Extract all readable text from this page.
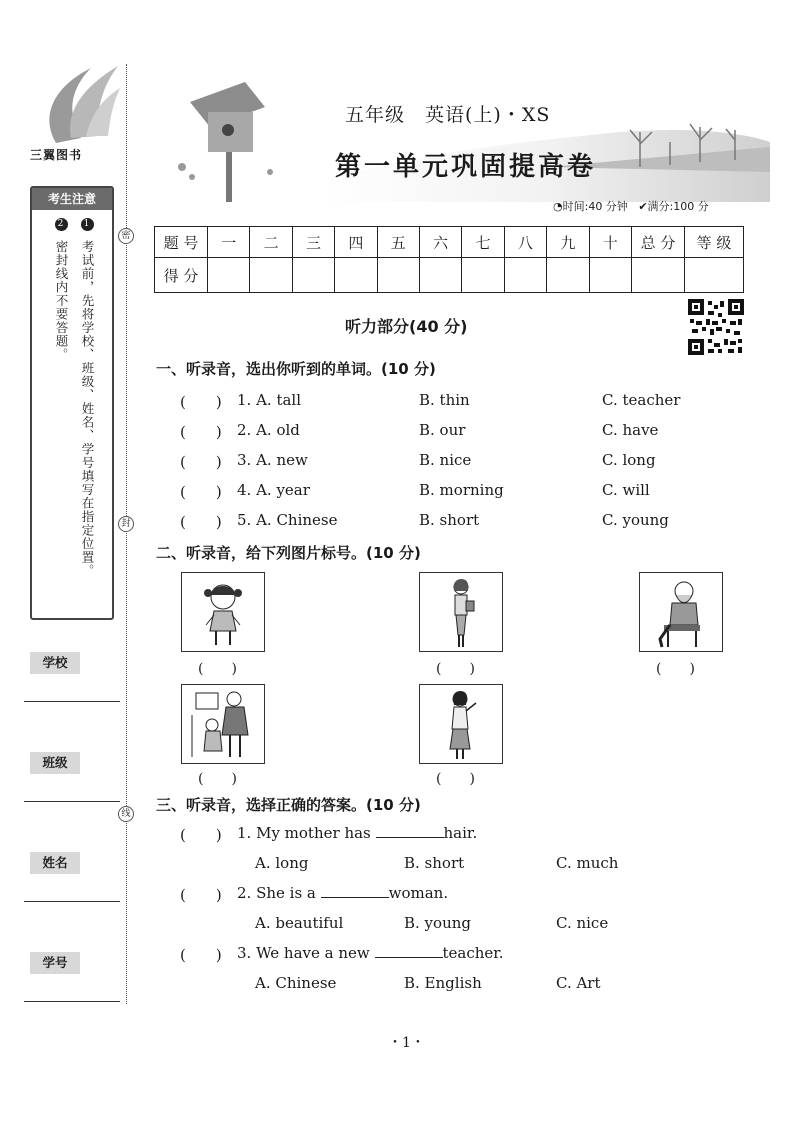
三翼图书
考生注意
1 考试前，先将学校、班级、姓名、学号填写在指定位置。
2 密封线内不要答题。
学校
班级
姓名
学号
密
封
线
五年级　英语(上)・XS
第一单元巩固提高卷
◔时间:40 分钟 ✔满分:100 分
题 号	一	二	三	四	五	六	七	八	九	十	总 分	等 级
得 分												
听力部分(40 分)
一、听录音，选出你听到的单词。(10 分)
(　　) 1. A. tall	B. thin	C. teacher
(　　) 2. A. old	B. our	C. have
(　　) 3. A. new	B. nice	C. long
(　　) 4. A. year	B. morning	C. will
(　　) 5. A. Chinese	B. short	C. young
二、听录音，给下列图片标号。(10 分)
(　　)	(　　)	(　　)
(　　)	(　　)
三、听录音，选择正确的答案。(10 分)
(　　) 1. My mother has	hair.
A. long	B. short	C. much
(　　) 2. She is a	woman.
A. beautiful	B. young	C. nice
(　　) 3. We have a new	teacher.
A. Chinese	B. English	C. Art
・1・
